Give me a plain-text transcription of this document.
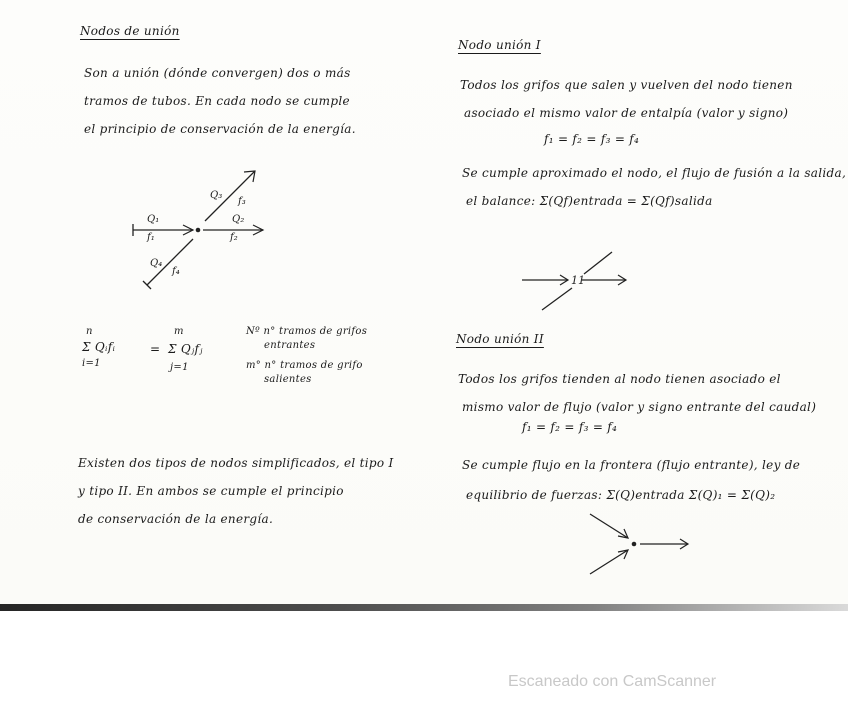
Nodos de unión
Son a unión (dónde convergen) dos o más
tramos de tubos. En cada nodo se cumple
el principio de conservación de la energía.
Q₁
f₁
Q₂
f₂
Q₃
f₃
Q₄
f₄
n
Σ Qᵢfᵢ
i=1
=
m
Σ Qⱼfⱼ
j=1
Nº n° tramos de grifos
entrantes
m° n° tramos de grifo
salientes
Existen dos tipos de nodos simplificados, el tipo I
y tipo II. En ambos se cumple el principio
de conservación de la energía.
Nodo unión I
Todos los grifos que salen y vuelven del nodo tienen
asociado el mismo valor de entalpía (valor y signo)
f₁ = f₂ = f₃ = f₄
Se cumple aproximado el nodo, el flujo de fusión a la salida,
el balance: Σ(Qf)entrada = Σ(Qf)salida
11
Nodo unión II
Todos los grifos tienden al nodo tienen asociado el
mismo valor de flujo (valor y signo entrante del caudal)
f₁ = f₂ = f₃ = f₄
Se cumple flujo en la frontera (flujo entrante), ley de
equilibrio de fuerzas: Σ(Q)entrada Σ(Q)₁ = Σ(Q)₂
Escaneado con CamScanner
